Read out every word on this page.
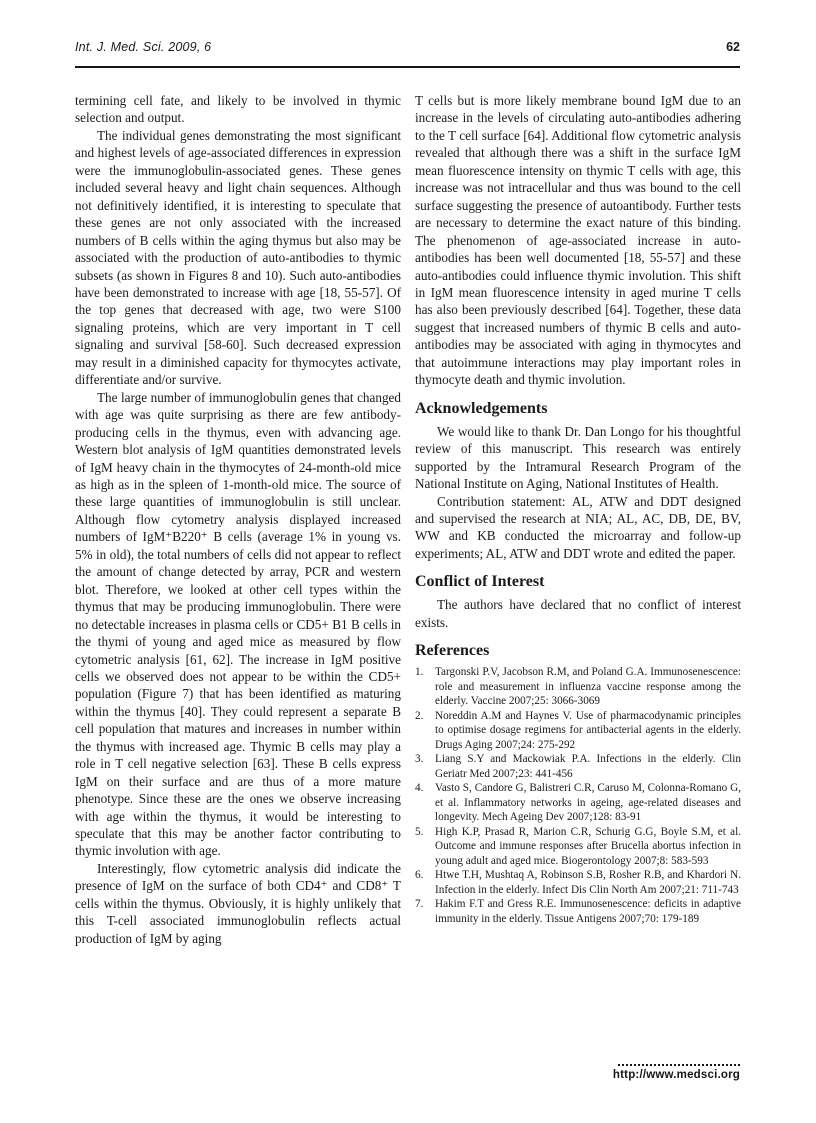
Int. J. Med. Sci. 2009, 6	62

termining cell fate, and likely to be involved in thymic selection and output.

The individual genes demonstrating the most significant and highest levels of age-associated differences in expression were the immunoglobulin-associated genes. These genes included several heavy and light chain sequences. Although not definitively identified, it is interesting to speculate that these genes are not only associated with the increased numbers of B cells within the aging thymus but also may be associated with the production of auto-antibodies to thymic subsets (as shown in Figures 8 and 10). Such auto-antibodies have been demonstrated to increase with age [18, 55-57]. Of the top genes that decreased with age, two were S100 signaling proteins, which are very important in T cell signaling and survival [58-60]. Such decreased expression may result in a diminished capacity for thymocytes activate, differentiate and/or survive.

The large number of immunoglobulin genes that changed with age was quite surprising as there are few antibody-producing cells in the thymus, even with advancing age. Western blot analysis of IgM quantities demonstrated levels of IgM heavy chain in the thymocytes of 24-month-old mice as high as in the spleen of 1-month-old mice. The source of these large quantities of immunoglobulin is still unclear. Although flow cytometry analysis displayed increased numbers of IgM⁺B220⁺ B cells (average 1% in young vs. 5% in old), the total numbers of cells did not appear to reflect the amount of change detected by array, PCR and western blot. Therefore, we looked at other cell types within the thymus that may be producing immunoglobulin. There were no detectable increases in plasma cells or CD5+ B1 B cells in the thymi of young and aged mice as measured by flow cytometric analysis [61, 62]. The increase in IgM positive cells we observed does not appear to be within the CD5+ population (Figure 7) that has been identified as maturing within the thymus [40]. They could represent a separate B cell population that matures and increases in number within the thymus with increased age. Thymic B cells may play a role in T cell negative selection [63]. These B cells express IgM on their surface and are thus of a more mature phenotype. Since these are the ones we observe increasing with age within the thymus, it would be interesting to speculate that this may be another factor contributing to thymic involution with age.

Interestingly, flow cytometric analysis did indicate the presence of IgM on the surface of both CD4⁺ and CD8⁺ T cells within the thymus. Obviously, it is highly unlikely that this T-cell associated immunoglobulin reflects actual production of IgM by aging

T cells but is more likely membrane bound IgM due to an increase in the levels of circulating auto-antibodies adhering to the T cell surface [64]. Additional flow cytometric analysis revealed that although there was a shift in the surface IgM mean fluorescence intensity on thymic T cells with age, this increase was not intracellular and thus was bound to the cell surface suggesting the presence of autoantibody. Further tests are necessary to determine the exact nature of this binding. The phenomenon of age-associated increase in auto-antibodies has been well documented [18, 55-57] and these auto-antibodies could influence thymic involution. This shift in IgM mean fluorescence intensity in aged murine T cells has also been previously described [64]. Together, these data suggest that increased numbers of thymic B cells and auto-antibodies may be associated with aging in thymocytes and that autoimmune interactions may play important roles in thymocyte death and thymic involution.

Acknowledgements

We would like to thank Dr. Dan Longo for his thoughtful review of this manuscript. This research was entirely supported by the Intramural Research Program of the National Institute on Aging, National Institutes of Health.

Contribution statement: AL, ATW and DDT designed and supervised the research at NIA; AL, AC, DB, DE, BV, WW and KB conducted the microarray and follow-up experiments; AL, ATW and DDT wrote and edited the paper.

Conflict of Interest

The authors have declared that no conflict of interest exists.

References
1.	Targonski P.V, Jacobson R.M, and Poland G.A. Immunosenescence: role and measurement in influenza vaccine response among the elderly. Vaccine 2007;25: 3066-3069
2.	Noreddin A.M and Haynes V. Use of pharmacodynamic principles to optimise dosage regimens for antibacterial agents in the elderly. Drugs Aging 2007;24: 275-292
3.	Liang S.Y and Mackowiak P.A. Infections in the elderly. Clin Geriatr Med 2007;23: 441-456
4.	Vasto S, Candore G, Balistreri C.R, Caruso M, Colonna-Romano G, et al. Inflammatory networks in ageing, age-related diseases and longevity. Mech Ageing Dev 2007;128: 83-91
5.	High K.P, Prasad R, Marion C.R, Schurig G.G, Boyle S.M, et al. Outcome and immune responses after Brucella abortus infection in young adult and aged mice. Biogerontology 2007;8: 583-593
6.	Htwe T.H, Mushtaq A, Robinson S.B, Rosher R.B, and Khardori N. Infection in the elderly. Infect Dis Clin North Am 2007;21: 711-743
7.	Hakim F.T and Gress R.E. Immunosenescence: deficits in adaptive immunity in the elderly. Tissue Antigens 2007;70: 179-189
http://www.medsci.org
